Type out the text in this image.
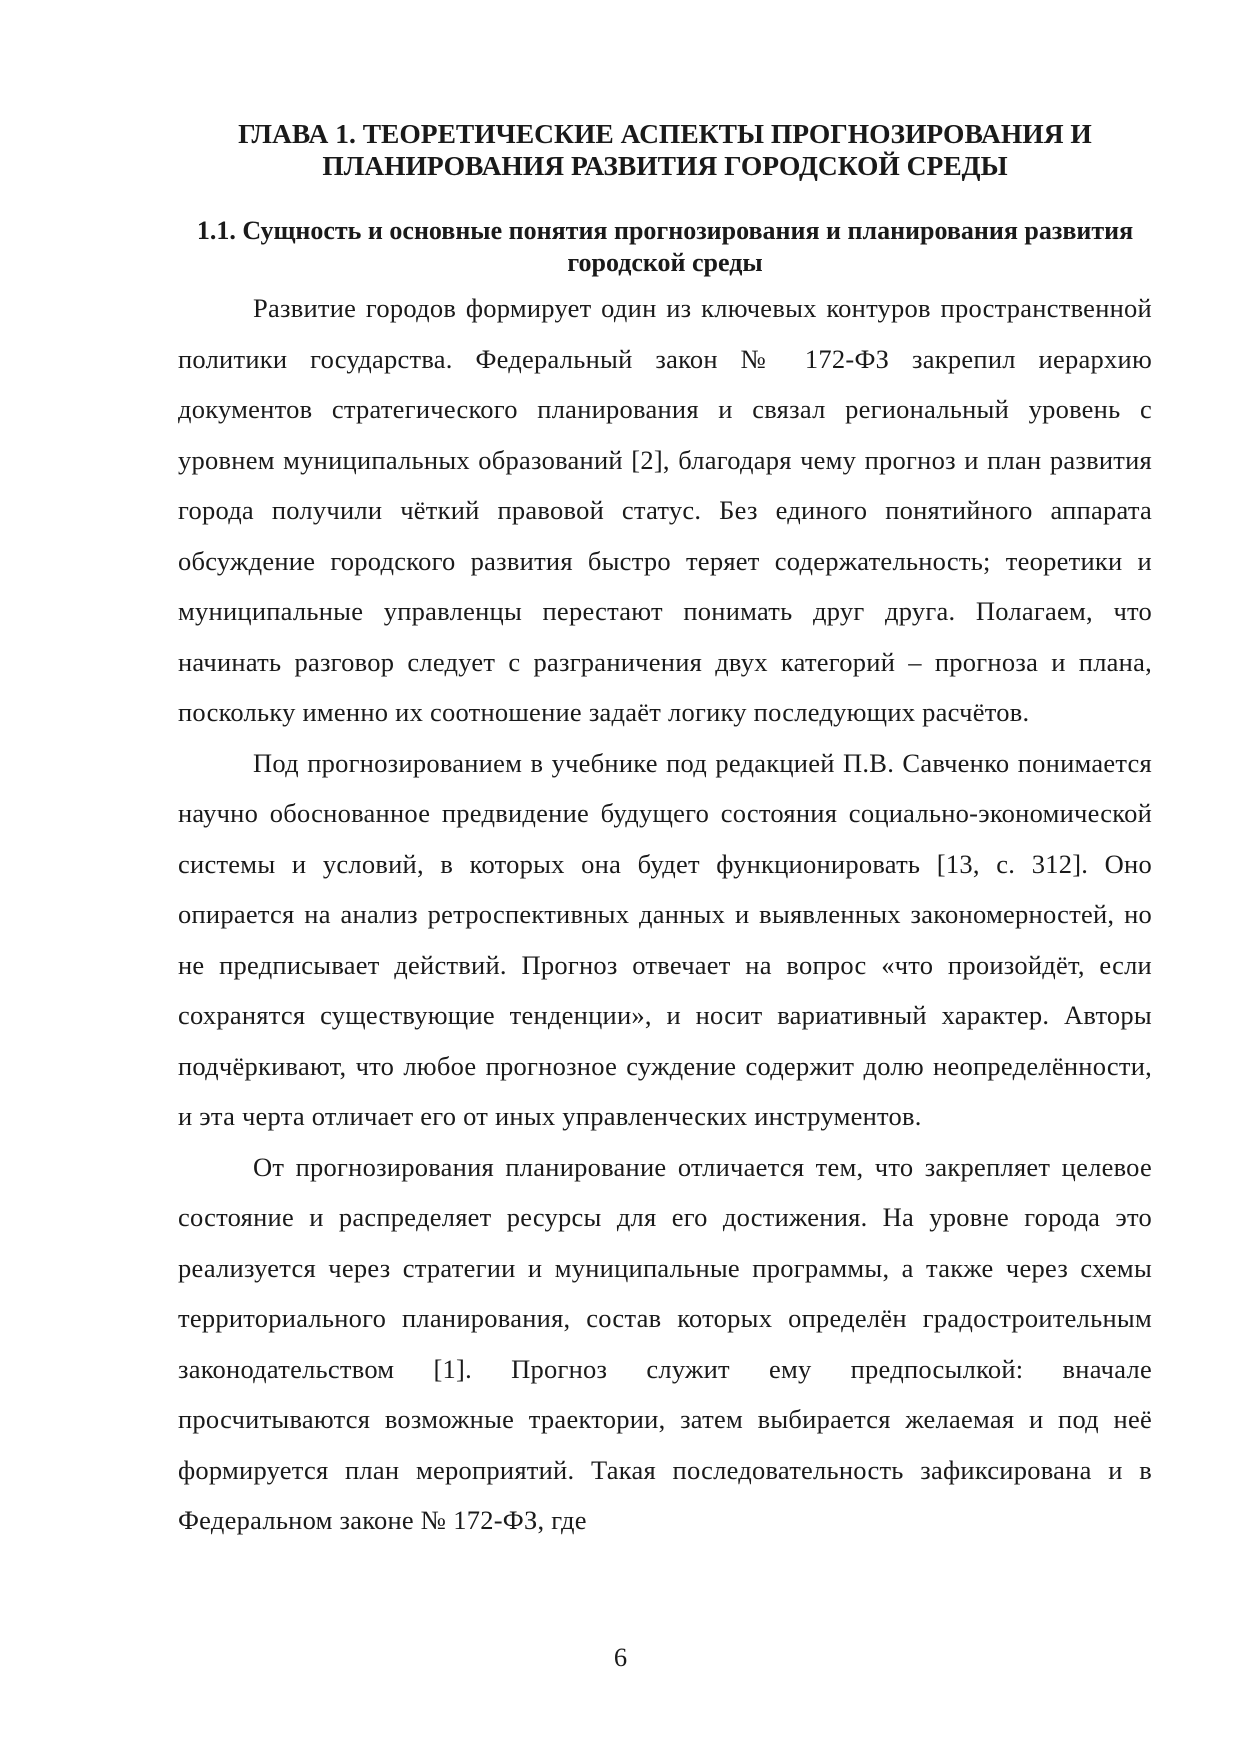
ГЛАВА 1. ТЕОРЕТИЧЕСКИЕ АСПЕКТЫ ПРОГНОЗИРОВАНИЯ И ПЛАНИРОВАНИЯ РАЗВИТИЯ ГОРОДСКОЙ СРЕДЫ
1.1. Сущность и основные понятия прогнозирования и планирования развития городской среды

Развитие городов формирует один из ключевых контуров пространственной политики государства. Федеральный закон № 172-ФЗ закрепил иерархию документов стратегического планирования и связал региональный уровень с уровнем муниципальных образований [2], благодаря чему прогноз и план развития города получили чёткий правовой статус. Без единого понятийного аппарата обсуждение городского развития быстро теряет содержательность; теоретики и муниципальные управленцы перестают понимать друг друга. Полагаем, что начинать разговор следует с разграничения двух категорий – прогноза и плана, поскольку именно их соотношение задаёт логику последующих расчётов.

Под прогнозированием в учебнике под редакцией П.В. Савченко понимается научно обоснованное предвидение будущего состояния социально-экономической системы и условий, в которых она будет функционировать [13, с. 312]. Оно опирается на анализ ретроспективных данных и выявленных закономерностей, но не предписывает действий. Прогноз отвечает на вопрос «что произойдёт, если сохранятся существующие тенденции», и носит вариативный характер. Авторы подчёркивают, что любое прогнозное суждение содержит долю неопределённости, и эта черта отличает его от иных управленческих инструментов.

От прогнозирования планирование отличается тем, что закрепляет целевое состояние и распределяет ресурсы для его достижения. На уровне города это реализуется через стратегии и муниципальные программы, а также через схемы территориального планирования, состав которых определён градостроительным законодательством [1]. Прогноз служит ему предпосылкой: вначале просчитываются возможные траектории, затем выбирается желаемая и под неё формируется план мероприятий. Такая последовательность зафиксирована и в Федеральном законе № 172-ФЗ, где

6
